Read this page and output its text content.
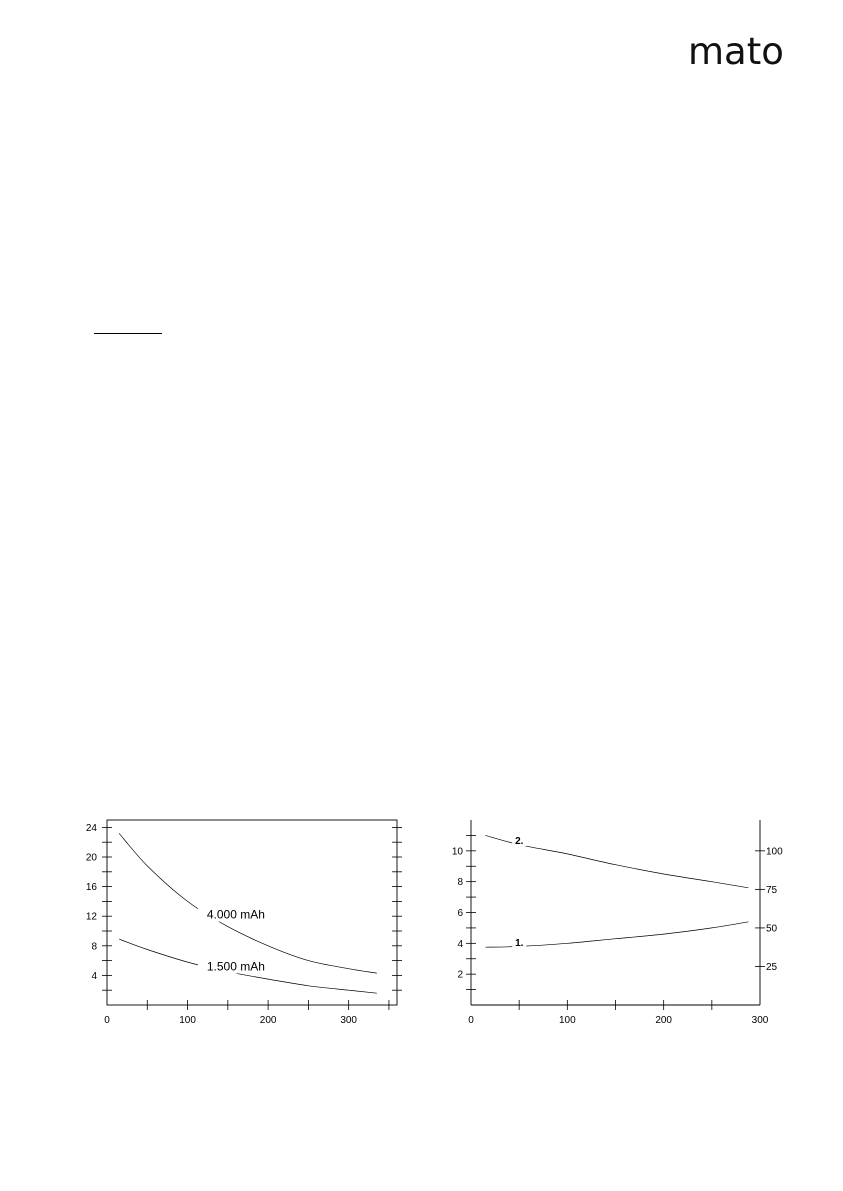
mato
4
8
12
16
20
24
0	100	200	300
4.000 mAh
1.500 mAh	25
50
75
100
2
4
6
8
10
0	100	200	300
2.
1.
